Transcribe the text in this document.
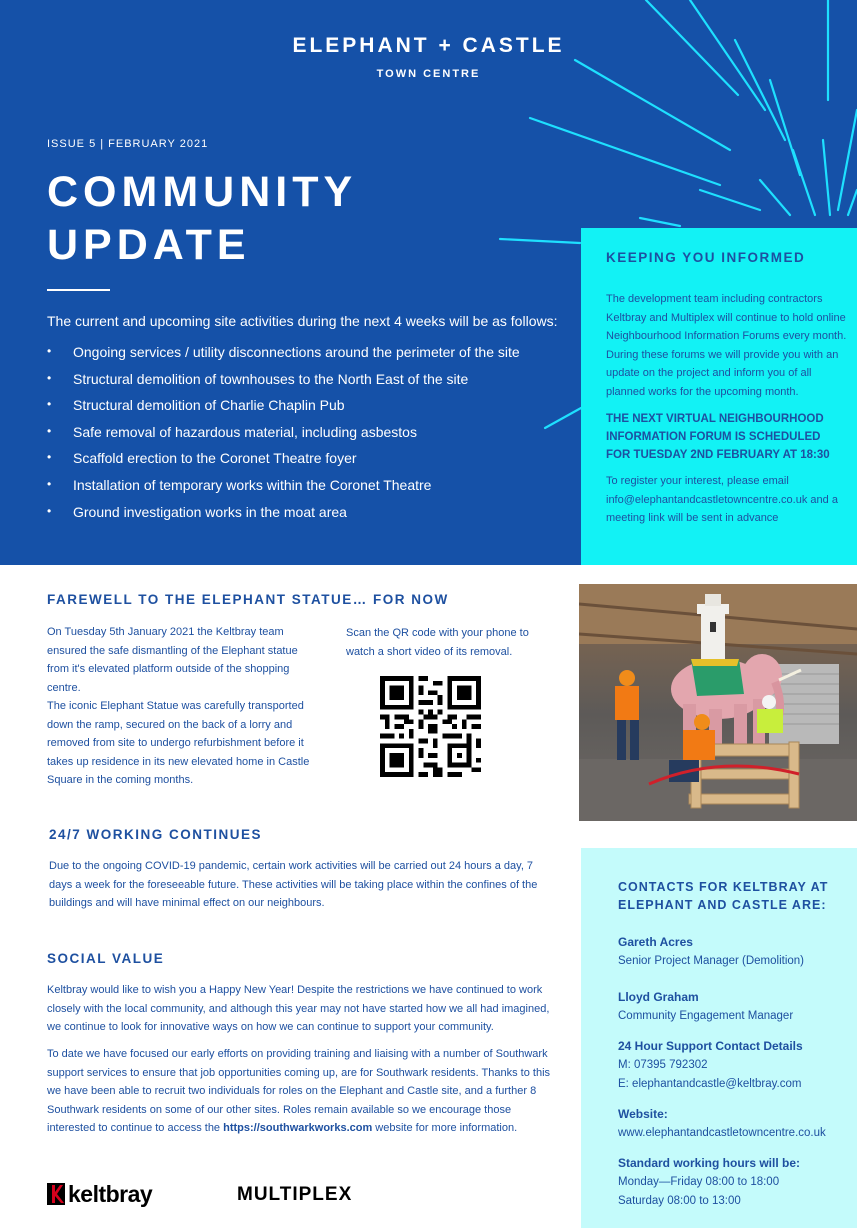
ELEPHANT + CASTLE
TOWN CENTRE
ISSUE 5 | FEBRUARY 2021
COMMUNITY
UPDATE
The current and upcoming site activities during the next 4 weeks will be as follows:
• Ongoing services / utility disconnections around the perimeter of the site
• Structural demolition of townhouses to the North East of the site
• Structural demolition of Charlie Chaplin Pub
• Safe removal of hazardous material, including asbestos
• Scaffold erection to the Coronet Theatre foyer
• Installation of temporary works within the Coronet Theatre
• Ground investigation works in the moat area
KEEPING YOU INFORMED

The development team including contractors Keltbray and Multiplex will continue to hold online Neighbourhood Information Forums every month. During these forums we will provide you with an update on the project and inform you of all planned works for the upcoming month.

THE NEXT VIRTUAL NEIGHBOURHOOD INFORMATION FORUM IS SCHEDULED FOR TUESDAY 2ND FEBRUARY AT 18:30

To register your interest, please email info@elephantandcastletowncentre.co.uk and a meeting link will be sent in advance

FAREWELL TO THE ELEPHANT STATUE… FOR NOW
On Tuesday 5th January 2021 the Keltbray team ensured the safe dismantling of the Elephant statue from it's elevated platform outside of the shopping centre.
The iconic Elephant Statue was carefully transported down the ramp, secured on the back of a lorry and removed from site to undergo refurbishment before it takes up residence in its new elevated home in Castle Square in the coming months.
Scan the QR code with your phone to watch a short video of its removal.
24/7 WORKING CONTINUES
Due to the ongoing COVID-19 pandemic, certain work activities will be carried out 24 hours a day, 7 days a week for the foreseeable future. These activities will be taking place within the confines of the buildings and will have minimal effect on our neighbours.
SOCIAL VALUE
Keltbray would like to wish you a Happy New Year! Despite the restrictions we have continued to work closely with the local community, and although this year may not have started how we all had imagined, we continue to look for innovative ways on how we can continue to support your community.
To date we have focused our early efforts on providing training and liaising with a number of Southwark support services to ensure that job opportunities coming up, are for Southwark residents. Thanks to this we have been able to recruit two individuals for roles on the Elephant and Castle site, and a further 8 Southwark residents on some of our other sites. Roles remain available so we encourage those interested to continue to access the https://southwarkworks.com website for more information.
CONTACTS FOR KELTBRAY AT ELEPHANT AND CASTLE ARE:
Gareth Acres
Senior Project Manager (Demolition)
Lloyd Graham
Community Engagement Manager
24 Hour Support Contact Details
M: 07395 792302
E: elephantandcastle@keltbray.com
Website:
www.elephantandcastletowncentre.co.uk
Standard working hours will be:
Monday—Friday 08:00 to 18:00
Saturday 08:00 to 13:00
keltbray	MULTIPLEX
